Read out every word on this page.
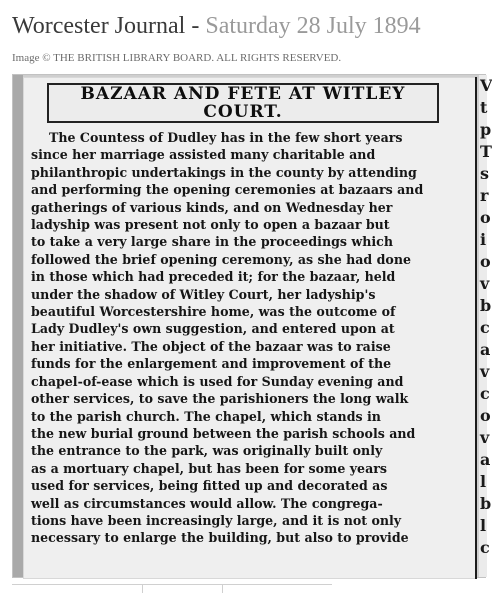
Worcester Journal - Saturday 28 July 1894
Image © THE BRITISH LIBRARY BOARD. ALL RIGHTS RESERVED.
BAZAAR AND FETE AT WITLEY
COURT.
The Countess of Dudley has in the few short years
since her marriage assisted many charitable and
philanthropic undertakings in the county by attending
and performing the opening ceremonies at bazaars and
gatherings of various kinds, and on Wednesday her
ladyship was present not only to open a bazaar but
to take a very large share in the proceedings which
followed the brief opening ceremony, as she had done
in those which had preceded it; for the bazaar, held
under the shadow of Witley Court, her ladyship's
beautiful Worcestershire home, was the outcome of
Lady Dudley's own suggestion, and entered upon at
her initiative. The object of the bazaar was to raise
funds for the enlargement and improvement of the
chapel-of-ease which is used for Sunday evening and
other services, to save the parishioners the long walk
to the parish church. The chapel, which stands in
the new burial ground between the parish schools and
the entrance to the park, was originally built only
as a mortuary chapel, but has been for some years
used for services, being fitted up and decorated as
well as circumstances would allow. The congrega-
tions have been increasingly large, and it is not only
necessary to enlarge the building, but also to provide
V
t
p
T
s
r
o
i
o
v
b
c
a
v
c
o
v
a
l
b
l
c
